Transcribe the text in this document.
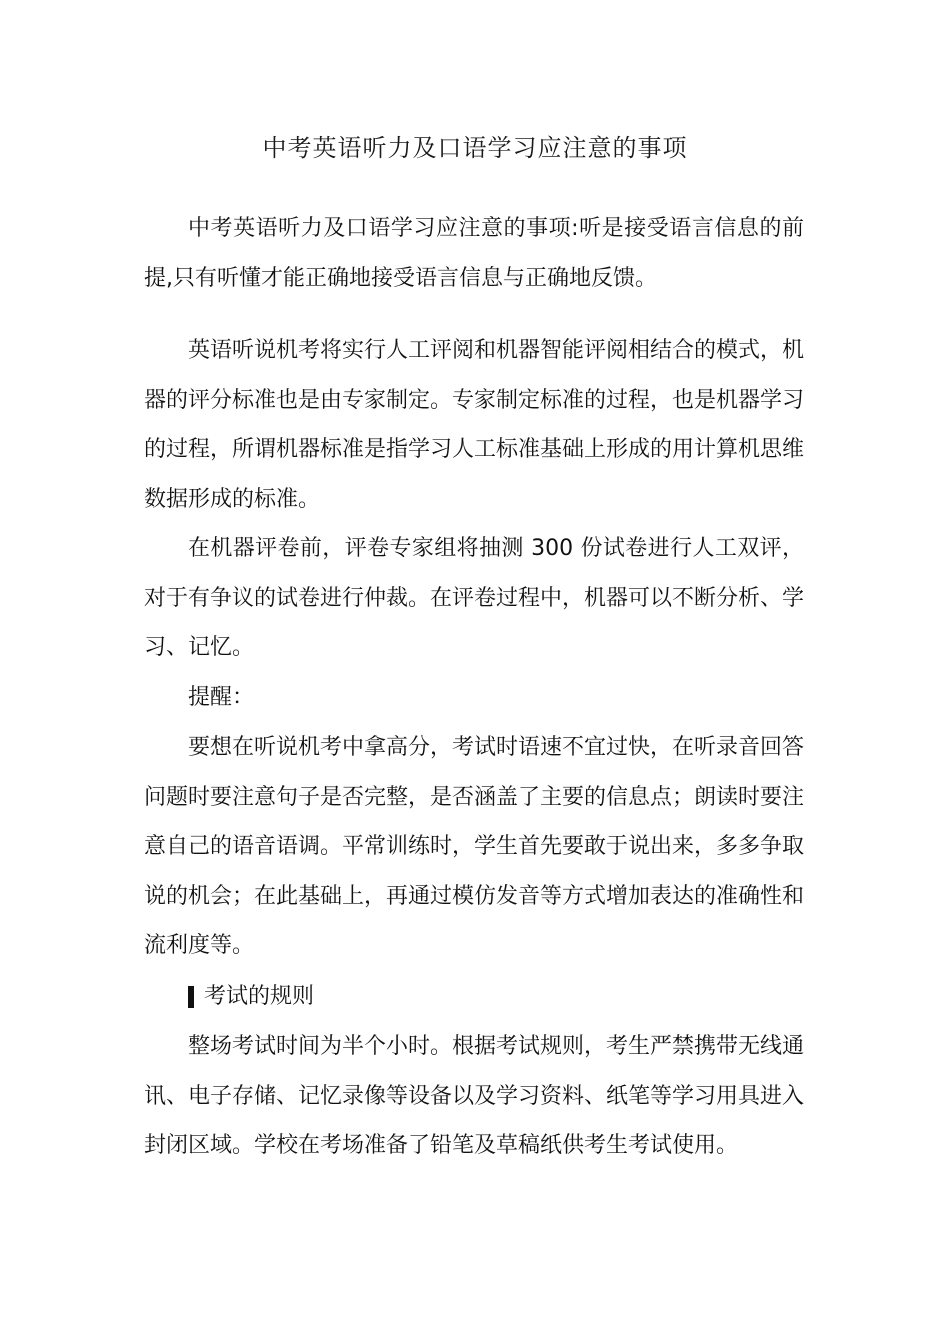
中考英语听力及口语学习应注意的事项

中考英语听力及口语学习应注意的事项:听是接受语言信息的前提,只有听懂才能正确地接受语言信息与正确地反馈。

英语听说机考将实行人工评阅和机器智能评阅相结合的模式，机器的评分标准也是由专家制定。专家制定标准的过程，也是机器学习的过程，所谓机器标准是指学习人工标准基础上形成的用计算机思维数据形成的标准。

在机器评卷前，评卷专家组将抽测 300 份试卷进行人工双评，对于有争议的试卷进行仲裁。在评卷过程中，机器可以不断分析、学习、记忆。

提醒：

要想在听说机考中拿高分，考试时语速不宜过快，在听录音回答问题时要注意句子是否完整，是否涵盖了主要的信息点；朗读时要注意自己的语音语调。平常训练时，学生首先要敢于说出来，多多争取说的机会；在此基础上，再通过模仿发音等方式增加表达的准确性和流利度等。

考试的规则

整场考试时间为半个小时。根据考试规则，考生严禁携带无线通讯、电子存储、记忆录像等设备以及学习资料、纸笔等学习用具进入封闭区域。学校在考场准备了铅笔及草稿纸供考生考试使用。
